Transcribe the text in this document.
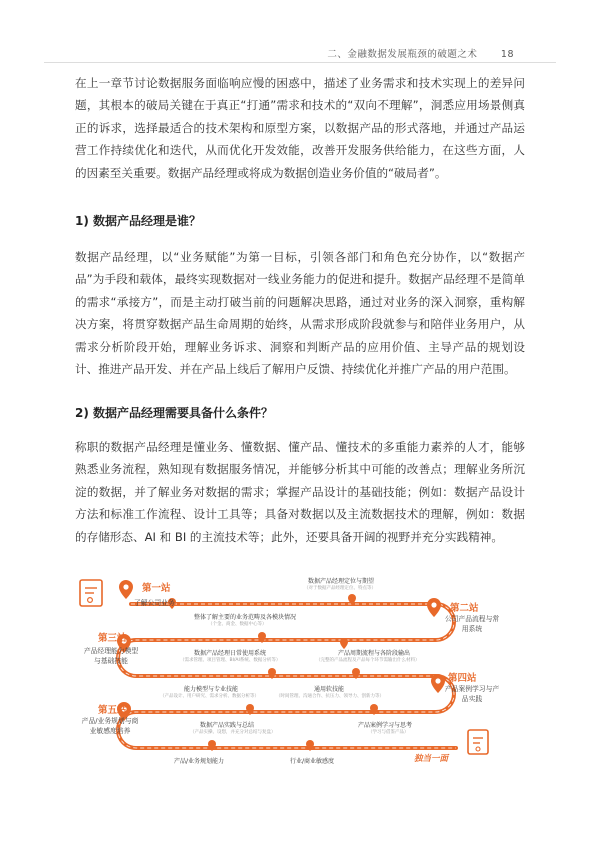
二、金融数据发展瓶颈的破题之术 18

在上一章节讨论数据服务面临响应慢的困惑中，描述了业务需求和技术实现上的差异问题，其根本的破局关键在于真正“打通”需求和技术的“双向不理解”，洞悉应用场景侧真正的诉求，选择最适合的技术架构和原型方案，以数据产品的形式落地，并通过产品运营工作持续优化和迭代，从而优化开发效能，改善开发服务供给能力，在这些方面，人的因素至关重要。数据产品经理或将成为数据创造业务价值的“破局者”。

1) 数据产品经理是谁？

数据产品经理，以“业务赋能”为第一目标，引领各部门和角色充分协作，以“数据产品”为手段和载体，最终实现数据对一线业务能力的促进和提升。数据产品经理不是简单的需求“承接方”，而是主动打破当前的问题解决思路，通过对业务的深入洞察，重构解决方案，将贯穿数据产品生命周期的始终，从需求形成阶段就参与和陪伴业务用户，从需求分析阶段开始，理解业务诉求、洞察和判断产品的应用价值、主导产品的规划设计、推进产品开发、并在产品上线后了解用户反馈、持续优化并推广产品的用户范围。

2) 数据产品经理需要具备什么条件？

称职的数据产品经理是懂业务、懂数据、懂产品、懂技术的多重能力素养的人才，能够熟悉业务流程，熟知现有数据服务情况，并能够分析其中可能的改善点；理解业务所沉淀的数据，并了解业务对数据的需求；掌握产品设计的基础技能；例如：数据产品设计方法和标准工作流程、设计工具等；具备对数据以及主流数据技术的理解，例如：数据的存储形态、AI 和 BI 的主流技术等；此外，还要具备开阔的视野并充分实践精神。

第一站
了解公司业务	第二站
公司产品流程与常用系统
第三站
产品经理能力模型与基础技能
第四站
产品案例学习与产品实践
第五站
产品/业务规划与商业敏感度培养
数据产品经理定位与期望
（对于数据产品经理定位、特点等）
整体了解主要的业务范畴及各模块情况
（个金、商金、数据中心等）
数据产品经理日常使用系统
（需求管理、项目管理、BI/AI系统、数据分析等）
产品周期流程与各阶段输出
（完整的产品流程及产品每个环节需输出什么材料）
能力模型与专业技能
（产品设计、用户研究、需求分析、数据分析等）
通用软技能
（时间管理、沟通合作、抗压力、领导力、创新力等）
数据产品实践与总结
（产品实操、设想，并充分对总结与复盘）
产品案例学习与思考
（学习与借鉴产品）
产品/业务规划能力	行业/商业敏感度	独当一面
